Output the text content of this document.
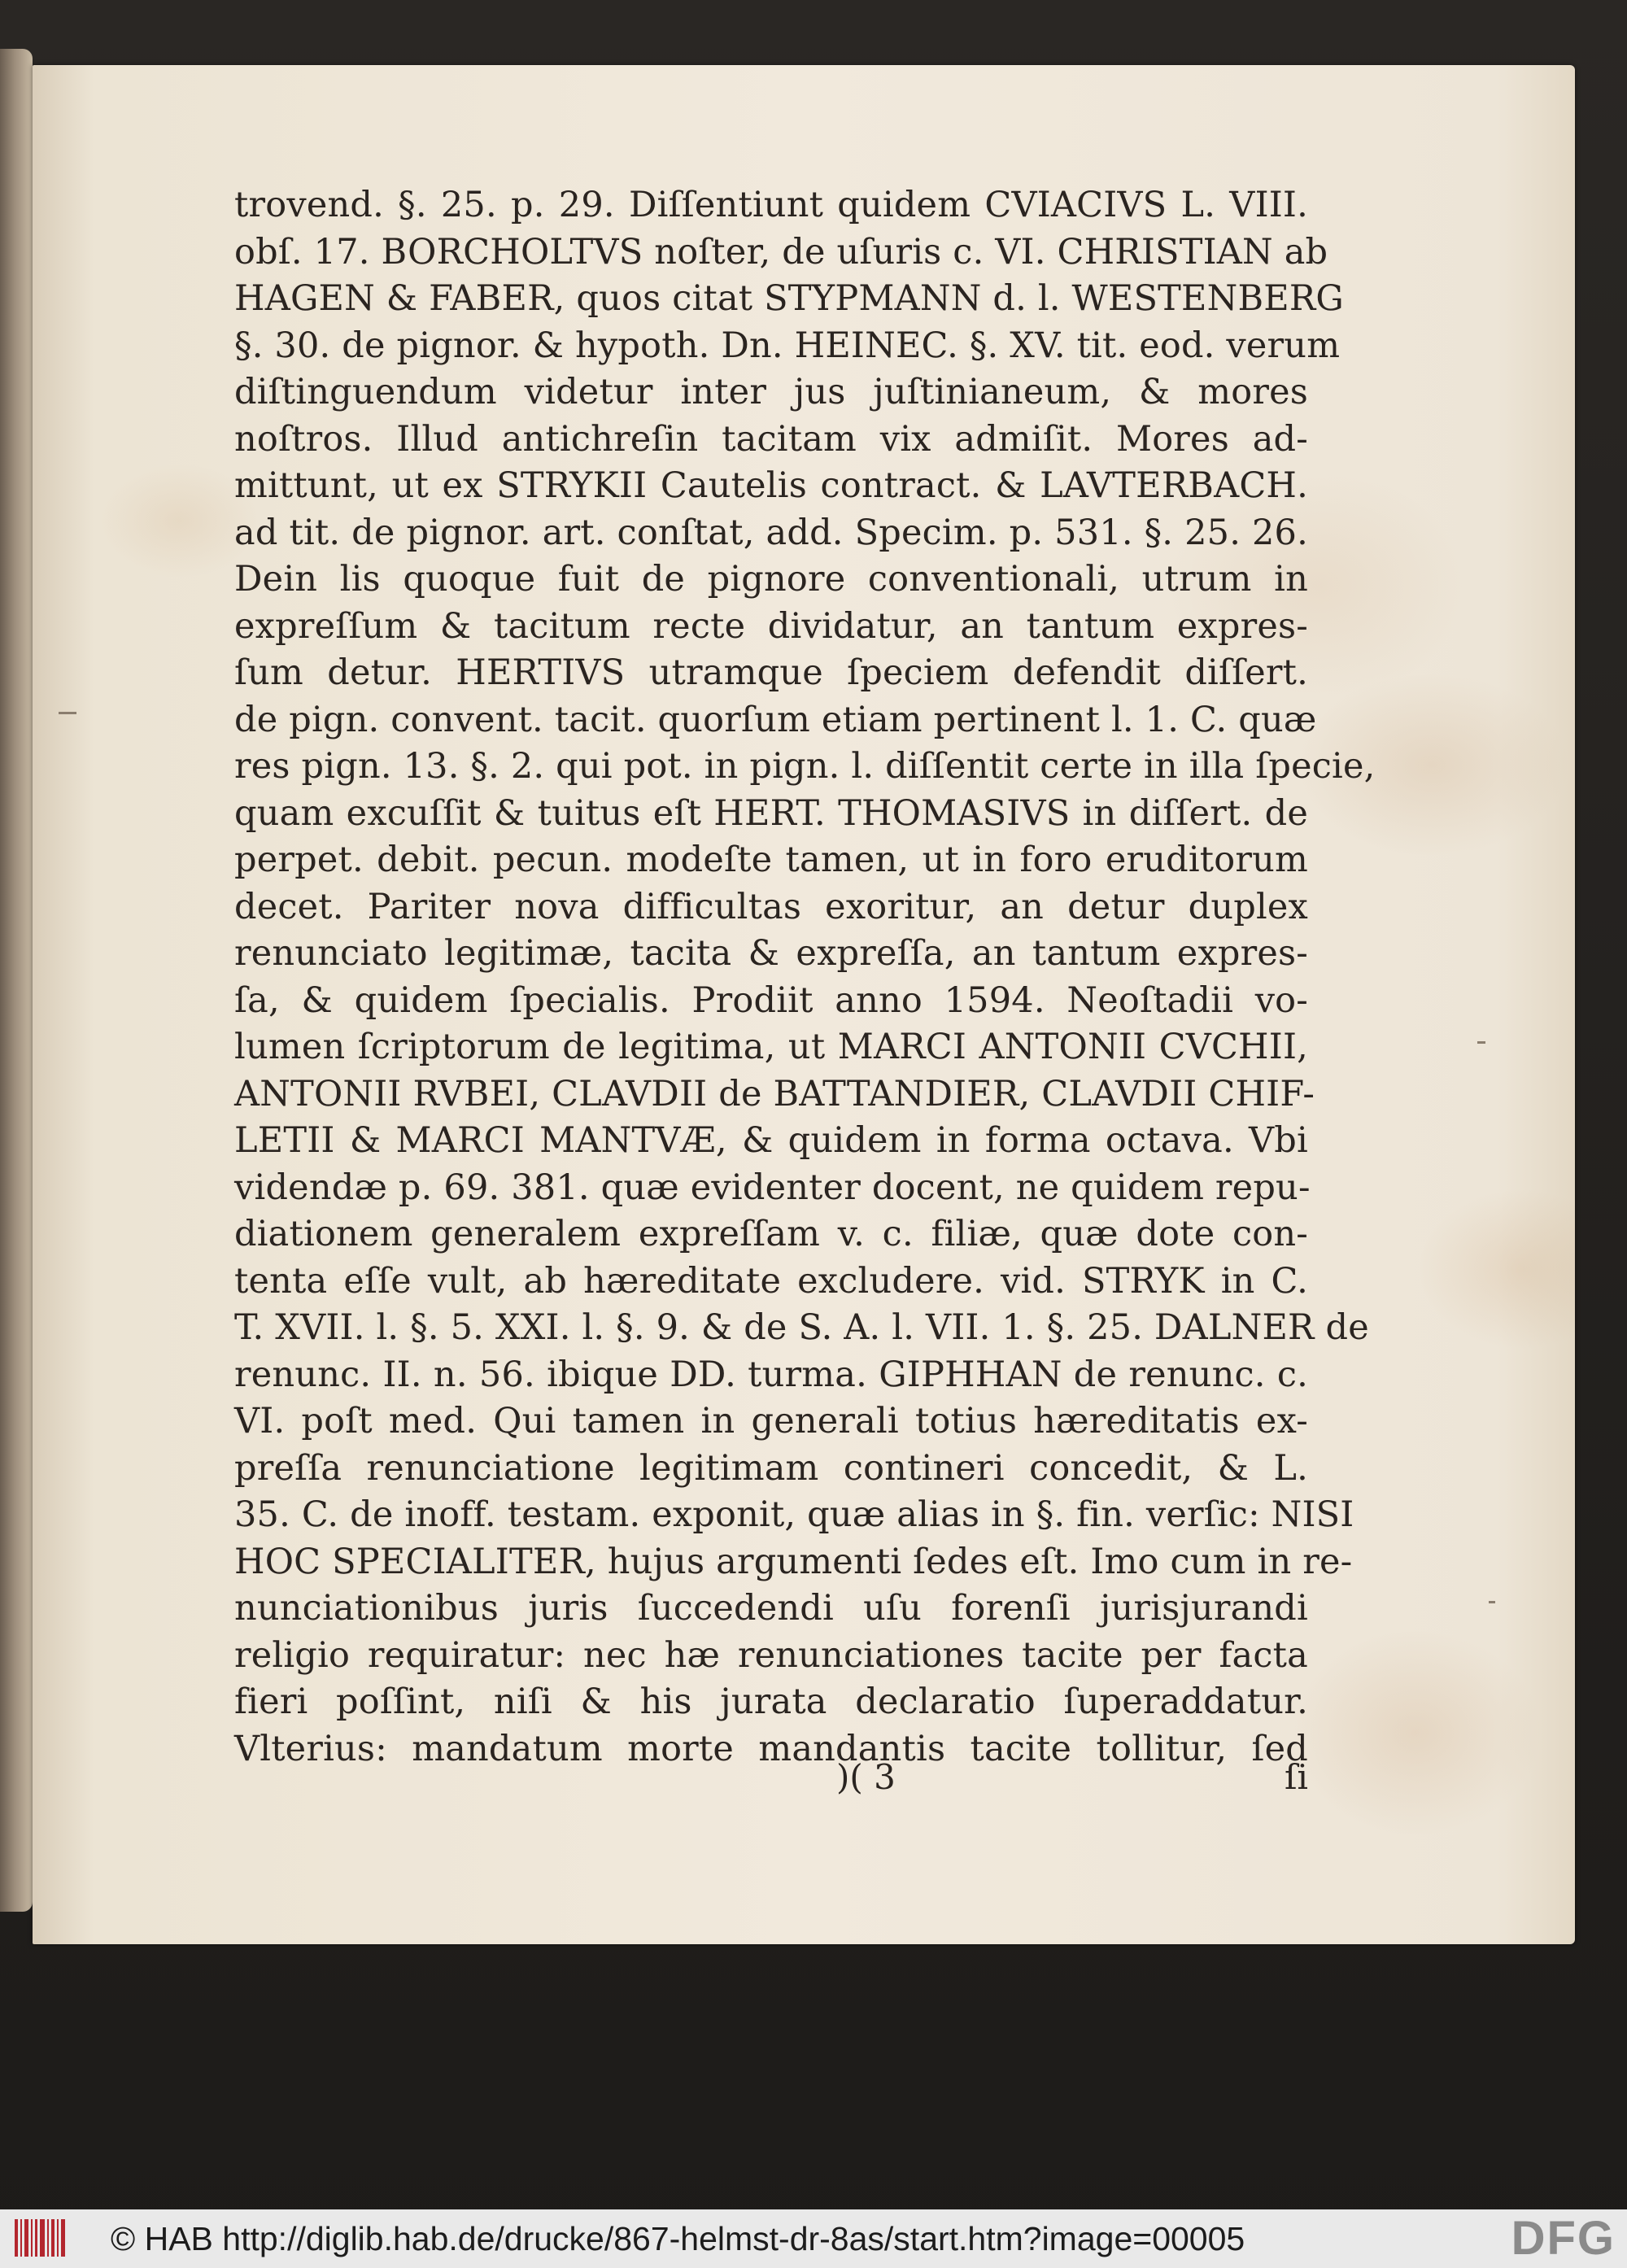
trovend. §. 25. p. 29. Diſſentiunt quidem CVIACIVS L. VIII.
obſ. 17. BORCHOLTVS noſter, de uſuris c. VI. CHRISTIAN ab
HAGEN & FABER, quos citat STYPMANN d. l. WESTENBERG
§. 30. de pignor. & hypoth. Dn. HEINEC. §. XV. tit. eod. verum
diſtinguendum videtur inter jus juſtinianeum, & mores
noſtros. Illud antichreſin tacitam vix admiſit. Mores ad-
mittunt, ut ex STRYKII Cautelis contract. & LAVTERBACH.
ad tit. de pignor. art. conſtat, add. Specim. p. 531. §. 25. 26.
Dein lis quoque fuit de pignore conventionali, utrum in
expreſſum & tacitum recte dividatur, an tantum expres-
ſum detur. HERTIVS utramque ſpeciem defendit diſſert.
de pign. convent. tacit. quorſum etiam pertinent l. 1. C. quæ
res pign. 13. §. 2. qui pot. in pign. l. diſſentit certe in illa ſpecie,
quam excuſſit & tuitus eſt HERT. THOMASIVS in diſſert. de
perpet. debit. pecun. modeſte tamen, ut in foro eruditorum
decet. Pariter nova difficultas exoritur, an detur duplex
renunciato legitimæ, tacita & expreſſa, an tantum expres-
ſa, & quidem ſpecialis. Prodiit anno 1594. Neoſtadii vo-
lumen ſcriptorum de legitima, ut MARCI ANTONII CVCHII,
ANTONII RVBEI, CLAVDII de BATTANDIER, CLAVDII CHIF-
LETII & MARCI MANTVÆ, & quidem in forma octava. Vbi
videndæ p. 69. 381. quæ evidenter docent, ne quidem repu-
diationem generalem expreſſam v. c. filiæ, quæ dote con-
tenta eſſe vult, ab hæreditate excludere. vid. STRYK in C.
T. XVII. l. §. 5. XXI. l. §. 9. & de S. A. l. VII. 1. §. 25. DALNER de
renunc. II. n. 56. ibique DD. turma. GIPHHAN de renunc. c.
VI. poſt med. Qui tamen in generali totius hæreditatis ex-
preſſa renunciatione legitimam contineri concedit, & L.
35. C. de inoff. testam. exponit, quæ alias in §. fin. verſic: NISI
HOC SPECIALITER, hujus argumenti ſedes eſt. Imo cum in re-
nunciationibus juris ſuccedendi uſu forenſi jurisjurandi
religio requiratur: nec hæ renunciationes tacite per facta
fieri poſſint, niſi & his jurata declaratio ſuperaddatur.
Vlterius: mandatum morte mandantis tacite tollitur, ſed
)( 3	ſi
© HAB http://diglib.hab.de/drucke/867-helmst-dr-8as/start.htm?image=00005	DFG
